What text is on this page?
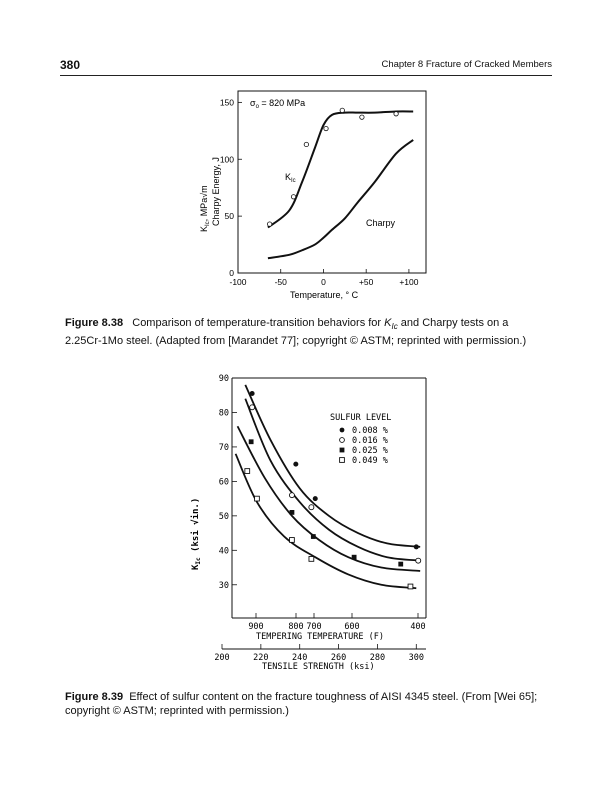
380	Chapter 8 Fracture of Cracked Members
-100	-50	0	+50	+100
0
50
100
150 $\sigma_o = 820$ MPa
$K_{Ic}$
Charpy
Temperature, ° C
$K_{Ic}$, MPa√m Charpy Energy, J
Figure 8.38 Comparison of temperature-transition behaviors for $K_{Ic}$ and Charpy tests on a 2.25Cr-1Mo steel. (Adapted from [Marandet 77]; copyright © ASTM; reprinted with permission.)
30
40
50
60
70
80
90
900	800 700	600	400
200	220	240	260	280	300
SULFUR LEVEL
0.008 %
0.016 %
0.025 %
0.049 %
$K_{Ic}$ (ksi √in.)
TEMPERING TEMPERATURE (F)
TENSILE STRENGTH (ksi)
Figure 8.39 Effect of sulfur content on the fracture toughness of AISI 4345 steel. (From [Wei 65]; copyright © ASTM; reprinted with permission.)
